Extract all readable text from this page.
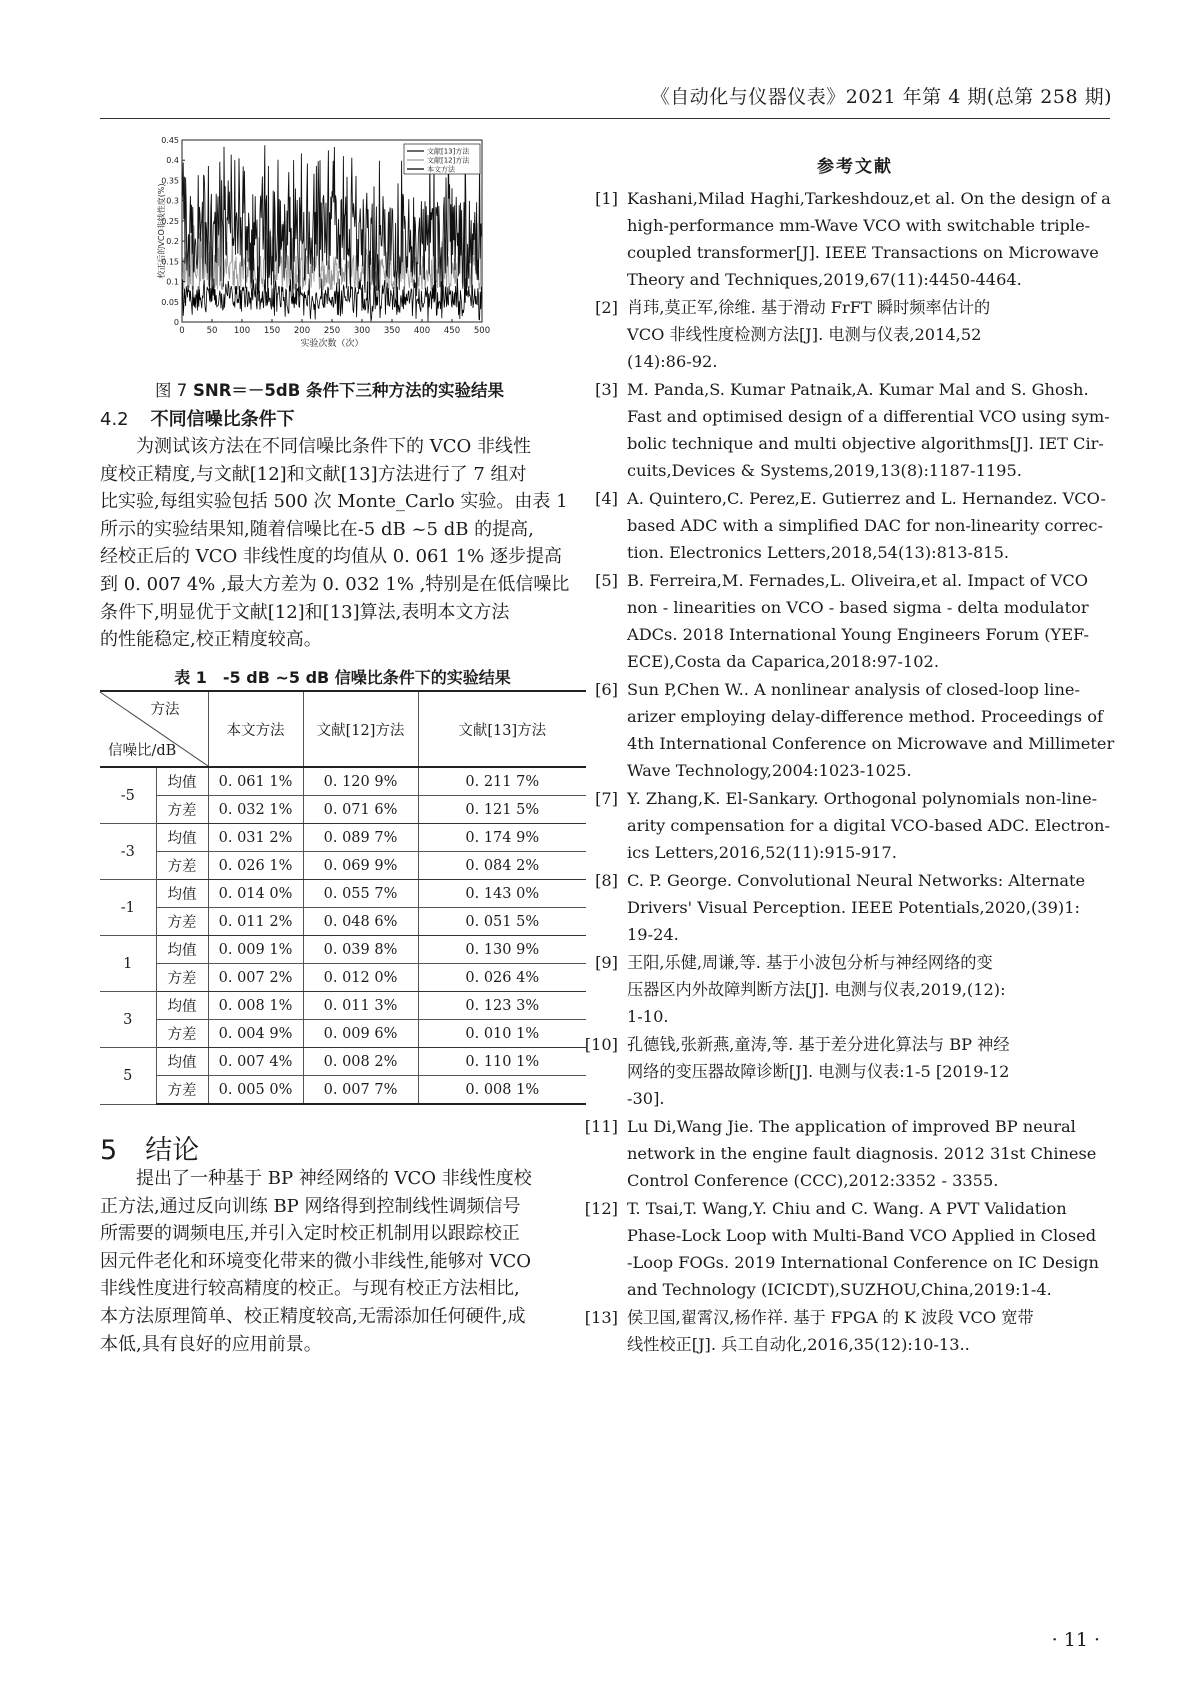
《自动化与仪器仪表》2021 年第 4 期(总第 258 期)
0
0.05
0.1
0.15
0.2
0.25
0.3
0.35
0.4
0.45
0	50 100 150 200 250 300 350 400 450 500
实验次数（次）
校正后的VCO非线性度(%)
文献[13]方法
文献[12]方法
本文方法
图 7 SNR＝－5dB 条件下三种方法的实验结果
4.2 不同信噪比条件下
为测试该方法在不同信噪比条件下的 VCO 非线性
度校正精度,与文献[12]和文献[13]方法进行了 7 组对
比实验,每组实验包括 500 次 Monte_Carlo 实验。由表 1
所示的实验结果知,随着信噪比在-5 dB ~5 dB 的提高,
经校正后的 VCO 非线性度的均值从 0. 061 1% 逐步提高
到 0. 007 4% ,最大方差为 0. 032 1% ,特别是在低信噪比
条件下,明显优于文献[12]和[13]算法,表明本文方法
的性能稳定,校正精度较高。
表 1　-5 dB ~5 dB 信噪比条件下的实验结果
方法
信噪比/dB		本文方法	文献[12]方法	文献[13]方法
-5	均值	0. 061 1%	0. 120 9%	0. 211 7%
	方差	0. 032 1%	0. 071 6%	0. 121 5%
-3	均值	0. 031 2%	0. 089 7%	0. 174 9%
	方差	0. 026 1%	0. 069 9%	0. 084 2%
-1	均值	0. 014 0%	0. 055 7%	0. 143 0%
	方差	0. 011 2%	0. 048 6%	0. 051 5%
1	均值	0. 009 1%	0. 039 8%	0. 130 9%
	方差	0. 007 2%	0. 012 0%	0. 026 4%
3	均值	0. 008 1%	0. 011 3%	0. 123 3%
	方差	0. 004 9%	0. 009 6%	0. 010 1%
5	均值	0. 007 4%	0. 008 2%	0. 110 1%
	方差	0. 005 0%	0. 007 7%	0. 008 1%
5 结论
提出了一种基于 BP 神经网络的 VCO 非线性度校
正方法,通过反向训练 BP 网络得到控制线性调频信号
所需要的调频电压,并引入定时校正机制用以跟踪校正
因元件老化和环境变化带来的微小非线性,能够对 VCO
非线性度进行较高精度的校正。与现有校正方法相比,
本方法原理简单、校正精度较高,无需添加任何硬件,成
本低,具有良好的应用前景。
参考文献
[1] Kashani,Milad Haghi,Tarkeshdouz,et al. On the design of a
high-performance mm-Wave VCO with switchable triple-
coupled transformer[J]. IEEE Transactions on Microwave
Theory and Techniques,2019,67(11):4450-4464.
[2] 肖玮,莫正军,徐维. 基于滑动 FrFT 瞬时频率估计的
VCO 非线性度检测方法[J]. 电测与仪表,2014,52
(14):86-92.
[3] M. Panda,S. Kumar Patnaik,A. Kumar Mal and S. Ghosh.
Fast and optimised design of a differential VCO using sym-
bolic technique and multi objective algorithms[J]. IET Cir-
cuits,Devices & Systems,2019,13(8):1187-1195.
[4] A. Quintero,C. Perez,E. Gutierrez and L. Hernandez. VCO-
based ADC with a simplified DAC for non-linearity correc-
tion. Electronics Letters,2018,54(13):813-815.
[5] B. Ferreira,M. Fernades,L. Oliveira,et al. Impact of VCO
non - linearities on VCO - based sigma - delta modulator
ADCs. 2018 International Young Engineers Forum (YEF-
ECE),Costa da Caparica,2018:97-102.
[6] Sun P,Chen W.. A nonlinear analysis of closed-loop line-
arizer employing delay-difference method. Proceedings of
4th International Conference on Microwave and Millimeter
Wave Technology,2004:1023-1025.
[7] Y. Zhang,K. El-Sankary. Orthogonal polynomials non-line-
arity compensation for a digital VCO-based ADC. Electron-
ics Letters,2016,52(11):915-917.
[8] C. P. George. Convolutional Neural Networks: Alternate
Drivers' Visual Perception. IEEE Potentials,2020,(39)1:
19-24.
[9] 王阳,乐健,周谦,等. 基于小波包分析与神经网络的变
压器区内外故障判断方法[J]. 电测与仪表,2019,(12):
1-10.
[10] 孔德钱,张新燕,童涛,等. 基于差分进化算法与 BP 神经
网络的变压器故障诊断[J]. 电测与仪表:1-5 [2019-12
-30].
[11] Lu Di,Wang Jie. The application of improved BP neural
network in the engine fault diagnosis. 2012 31st Chinese
Control Conference (CCC),2012:3352 - 3355.
[12] T. Tsai,T. Wang,Y. Chiu and C. Wang. A PVT Validation
Phase-Lock Loop with Multi-Band VCO Applied in Closed
-Loop FOGs. 2019 International Conference on IC Design
and Technology (ICICDT),SUZHOU,China,2019:1-4.
[13] 侯卫国,翟霄汉,杨作祥. 基于 FPGA 的 K 波段 VCO 宽带
线性校正[J]. 兵工自动化,2016,35(12):10-13..
· 11 ·
